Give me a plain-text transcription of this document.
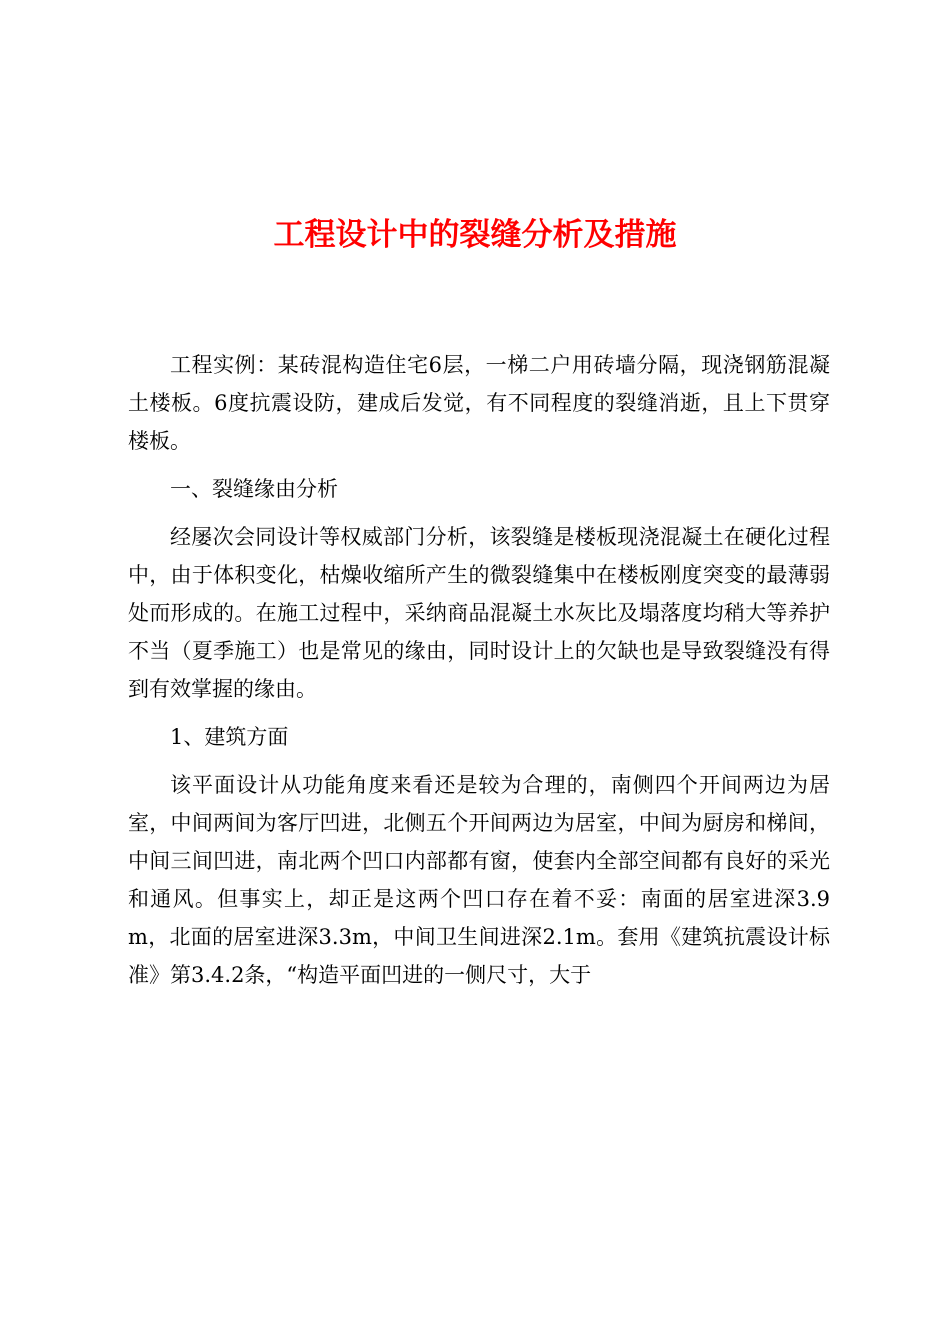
工程设计中的裂缝分析及措施

工程实例：某砖混构造住宅6层，一梯二户用砖墙分隔，现浇钢筋混凝土楼板。6度抗震设防，建成后发觉，有不同程度的裂缝消逝，且上下贯穿楼板。

一、裂缝缘由分析

经屡次会同设计等权威部门分析，该裂缝是楼板现浇混凝土在硬化过程中，由于体积变化，枯燥收缩所产生的微裂缝集中在楼板刚度突变的最薄弱处而形成的。在施工过程中，采纳商品混凝土水灰比及塌落度均稍大等养护不当（夏季施工）也是常见的缘由，同时设计上的欠缺也是导致裂缝没有得到有效掌握的缘由。

1、建筑方面

该平面设计从功能角度来看还是较为合理的，南侧四个开间两边为居室，中间两间为客厅凹进，北侧五个开间两边为居室，中间为厨房和梯间，中间三间凹进，南北两个凹口内部都有窗，使套内全部空间都有良好的采光和通风。但事实上，却正是这两个凹口存在着不妥：南面的居室进深3.9m，北面的居室进深3.3m，中间卫生间进深2.1m。套用《建筑抗震设计标准》第3.4.2条，“构造平面凹进的一侧尺寸，大于
